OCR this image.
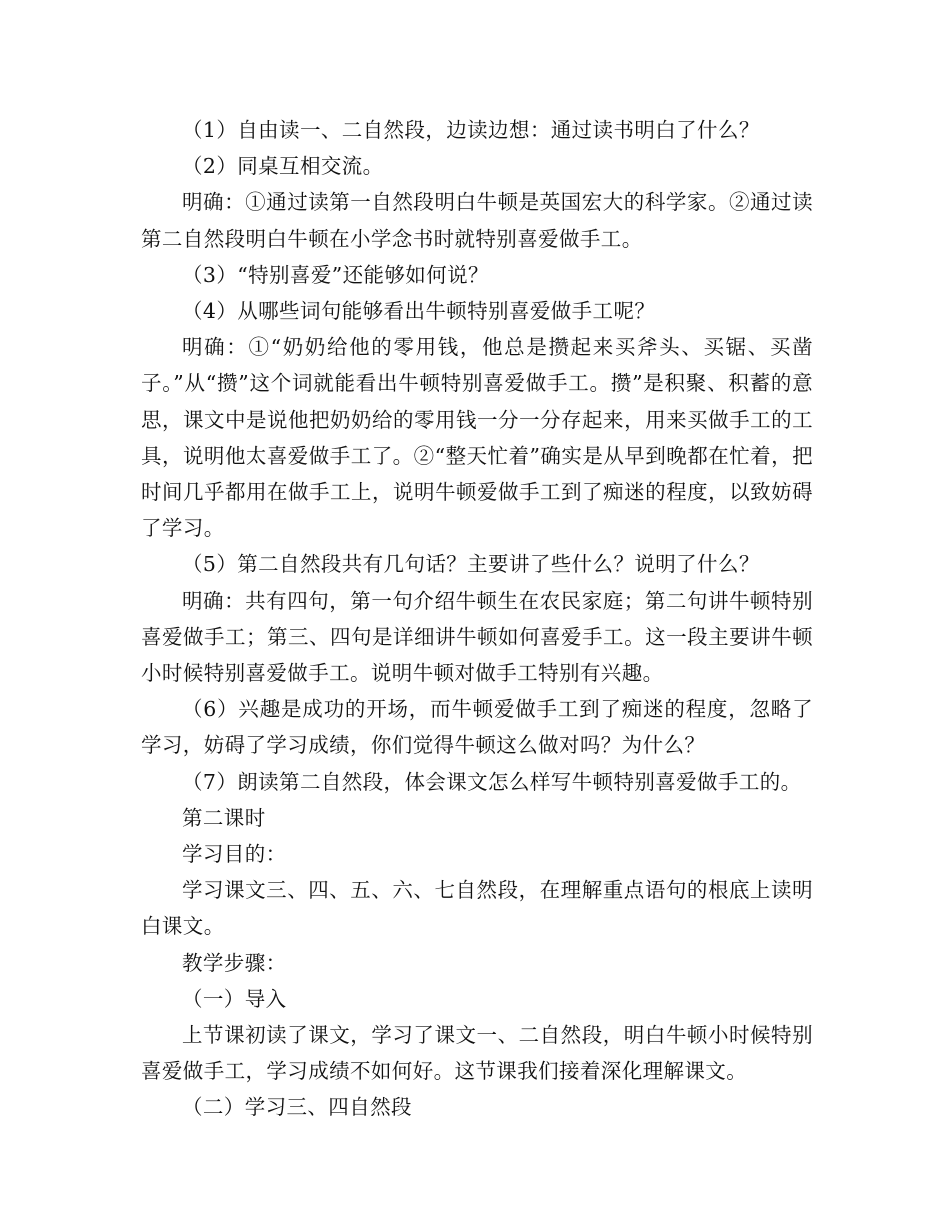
（1）自由读一、二自然段，边读边想：通过读书明白了什么？

（2）同桌互相交流。

明确：①通过读第一自然段明白牛顿是英国宏大的科学家。②通过读第二自然段明白牛顿在小学念书时就特别喜爱做手工。

（3）“特别喜爱”还能够如何说？

（4）从哪些词句能够看出牛顿特别喜爱做手工呢？

明确：①“奶奶给他的零用钱，他总是攒起来买斧头、买锯、买凿子。”从“攒”这个词就能看出牛顿特别喜爱做手工。攒”是积聚、积蓄的意思，课文中是说他把奶奶给的零用钱一分一分存起来，用来买做手工的工具，说明他太喜爱做手工了。②“整天忙着”确实是从早到晚都在忙着，把时间几乎都用在做手工上，说明牛顿爱做手工到了痴迷的程度，以致妨碍了学习。

（5）第二自然段共有几句话？主要讲了些什么？说明了什么？

明确：共有四句，第一句介绍牛顿生在农民家庭；第二句讲牛顿特别喜爱做手工；第三、四句是详细讲牛顿如何喜爱手工。这一段主要讲牛顿小时候特别喜爱做手工。说明牛顿对做手工特别有兴趣。

（6）兴趣是成功的开场，而牛顿爱做手工到了痴迷的程度，忽略了学习，妨碍了学习成绩，你们觉得牛顿这么做对吗？为什么？

（7）朗读第二自然段，体会课文怎么样写牛顿特别喜爱做手工的。

第二课时

学习目的：

学习课文三、四、五、六、七自然段，在理解重点语句的根底上读明白课文。

教学步骤：

（一）导入

上节课初读了课文，学习了课文一、二自然段，明白牛顿小时候特别喜爱做手工，学习成绩不如何好。这节课我们接着深化理解课文。

（二）学习三、四自然段
